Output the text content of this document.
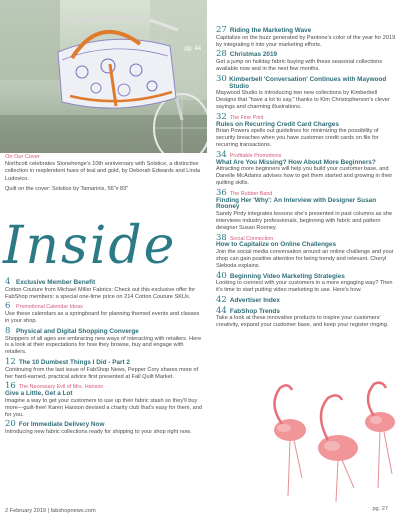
pg. 44

On Our Cover
Northcott celebrates Stonehenge's 10th anniversary with Solstice, a distinctive collection in resplendent hues of teal and gold, by Deborah Edwards and Linda Ludovico.

Quilt on the cover: Solstice by Tamarinis, 56"x 83"

Inside
4 Exclusive Member Benefit

Cotton Couture from Michael Miller Fabrics: Check out this exclusive offer for FabShop members: a special one-time price on 214 Cotton Couture SKUs.

6	Promotional Calendar Ideas

Use these calendars as a springboard for planning themed events and classes in your shop.

8 Physical and Digital Shopping Converge

Shoppers of all ages are embracing new ways of interacting with retailers. Here is a look at their expectations for how they browse, buy and engage with retailers.

12 The 10 Dumbest Things I Did - Part 2

Continuing from the last issue of FabShop News, Pepper Cory shares more of her hard-earned, practical advice first presented at Fall Quilt Market.

16 The Necessary Evil of Mrs. Hanson
Give a Little, Get a Lot

Imagine a way to get your customers to use up their fabric stash so they'll buy more—guilt-free! Karen Hanson devised a charity club that's easy for them, and for you.

20 For Immediate Delivery Now

Introducing new fabric collections ready for shipping to your shop right now.

27 Riding the Marketing Wave

Capitalize on the buzz generated by Pantone's color of the year for 2019 by integrating it into your marketing efforts.

28 Christmas 2019

Get a jump on holiday fabric buying with these seasonal collections available now and in the next few months.

30 Kimberbell 'Conversation' Continues with Maywood Studio

Maywood Studio is introducing two new collections by Kimberbell Designs that "have a lot to say," thanks to Kim Christopherson's clever sayings and charming illustrations.

32 The Fine Print
Rules on Recurring Credit Card Charges

Brian Powers spells out guidelines for minimizing the possibility of security breaches when you have customer credit cards on file for recurring transactions.

34 Profitable Promotions
What Are You Missing? How About More Beginners?

Attracting more beginners will help you build your customer base, and Danelle McAdams advises how to get them started and growing in their quilting skills.

36 The Rubber Band
Finding Her 'Why': An Interview with Designer Susan Rooney

Sandy Pirdy integrates lessons she's presented in past columns as she interviews industry professionals, beginning with fabric and pattern designer Susan Rooney.

38 Social Connection
How to Capitalize on Online Challenges

Join the social media conversation around an online challenge and your shop can gain positive attention for being trendy and relevant. Cheryl Sleboda explains.

40 Beginning Video Marketing Strategies

Looking to connect with your customers in a more engaging way? Then it's time to start putting video marketing to use. Here's how.

42 Advertiser Index
44 FabShop Trends

Take a look at these innovative products to inspire your customers' creativity, expand your customer base, and keep your register ringing.

pg. 27
2 February 2019 | fabshopnews.com
